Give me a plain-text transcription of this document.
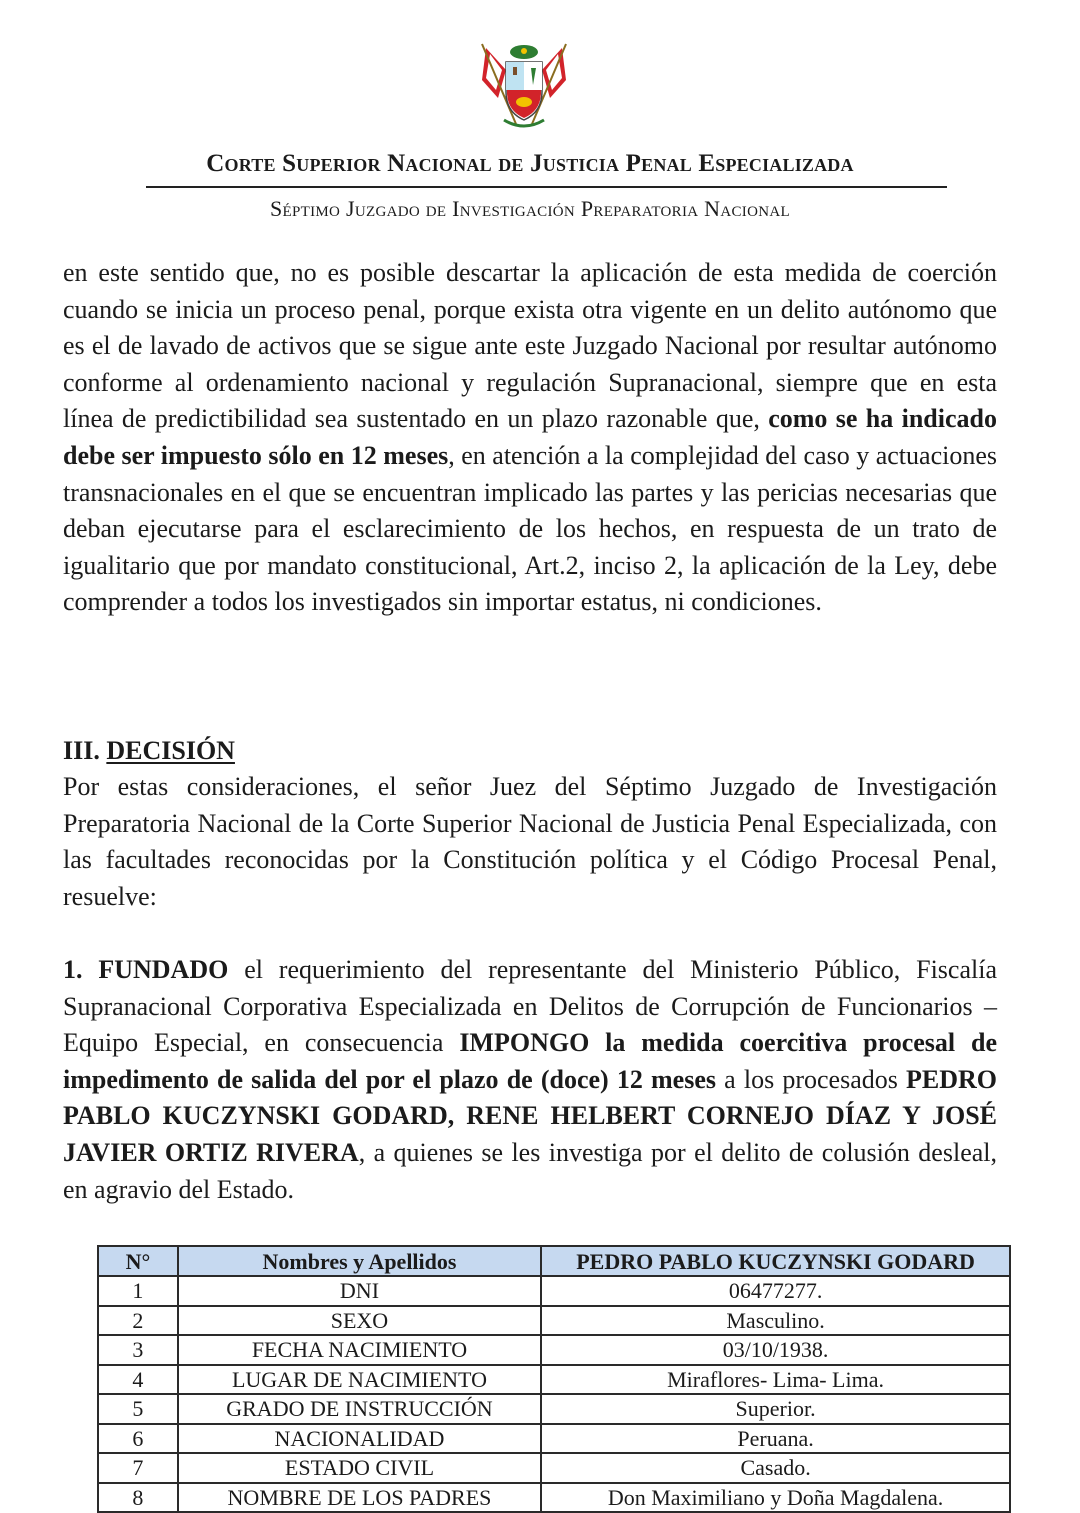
Corte Superior Nacional de Justicia Penal Especializada
Séptimo Juzgado de Investigación Preparatoria Nacional
en este sentido que, no es posible descartar la aplicación de esta medida de coerción cuando se inicia un proceso penal, porque exista otra vigente en un delito autónomo que es el de lavado de activos que se sigue ante este Juzgado Nacional por resultar autónomo conforme al ordenamiento nacional y regulación Supranacional, siempre que en esta línea de predictibilidad sea sustentado en un plazo razonable que, como se ha indicado debe ser impuesto sólo en 12 meses, en atención a la complejidad del caso y actuaciones transnacionales en el que se encuentran implicado las partes y las pericias necesarias que deban ejecutarse para el esclarecimiento de los hechos, en respuesta de un trato de igualitario que por mandato constitucional, Art.2, inciso 2, la aplicación de la Ley, debe comprender a todos los investigados sin importar estatus, ni condiciones.
III. DECISIÓN
Por estas consideraciones, el señor Juez del Séptimo Juzgado de Investigación Preparatoria Nacional de la Corte Superior Nacional de Justicia Penal Especializada, con las facultades reconocidas por la Constitución política y el Código Procesal Penal, resuelve:
1. FUNDADO el requerimiento del representante del Ministerio Público, Fiscalía Supranacional Corporativa Especializada en Delitos de Corrupción de Funcionarios – Equipo Especial, en consecuencia IMPONGO la medida coercitiva procesal de impedimento de salida del por el plazo de (doce) 12 meses a los procesados PEDRO PABLO KUCZYNSKI GODARD, RENE HELBERT CORNEJO DÍAZ Y JOSÉ JAVIER ORTIZ RIVERA, a quienes se les investiga por el delito de colusión desleal, en agravio del Estado.
N°	Nombres y Apellidos	PEDRO PABLO KUCZYNSKI GODARD
1	DNI	06477277.
2	SEXO	Masculino.
3	FECHA NACIMIENTO	03/10/1938.
4	LUGAR DE NACIMIENTO	Miraflores- Lima- Lima.
5	GRADO DE INSTRUCCIÓN	Superior.
6	NACIONALIDAD	Peruana.
7	ESTADO CIVIL	Casado.
8	NOMBRE DE LOS PADRES	Don Maximiliano y Doña Magdalena.
